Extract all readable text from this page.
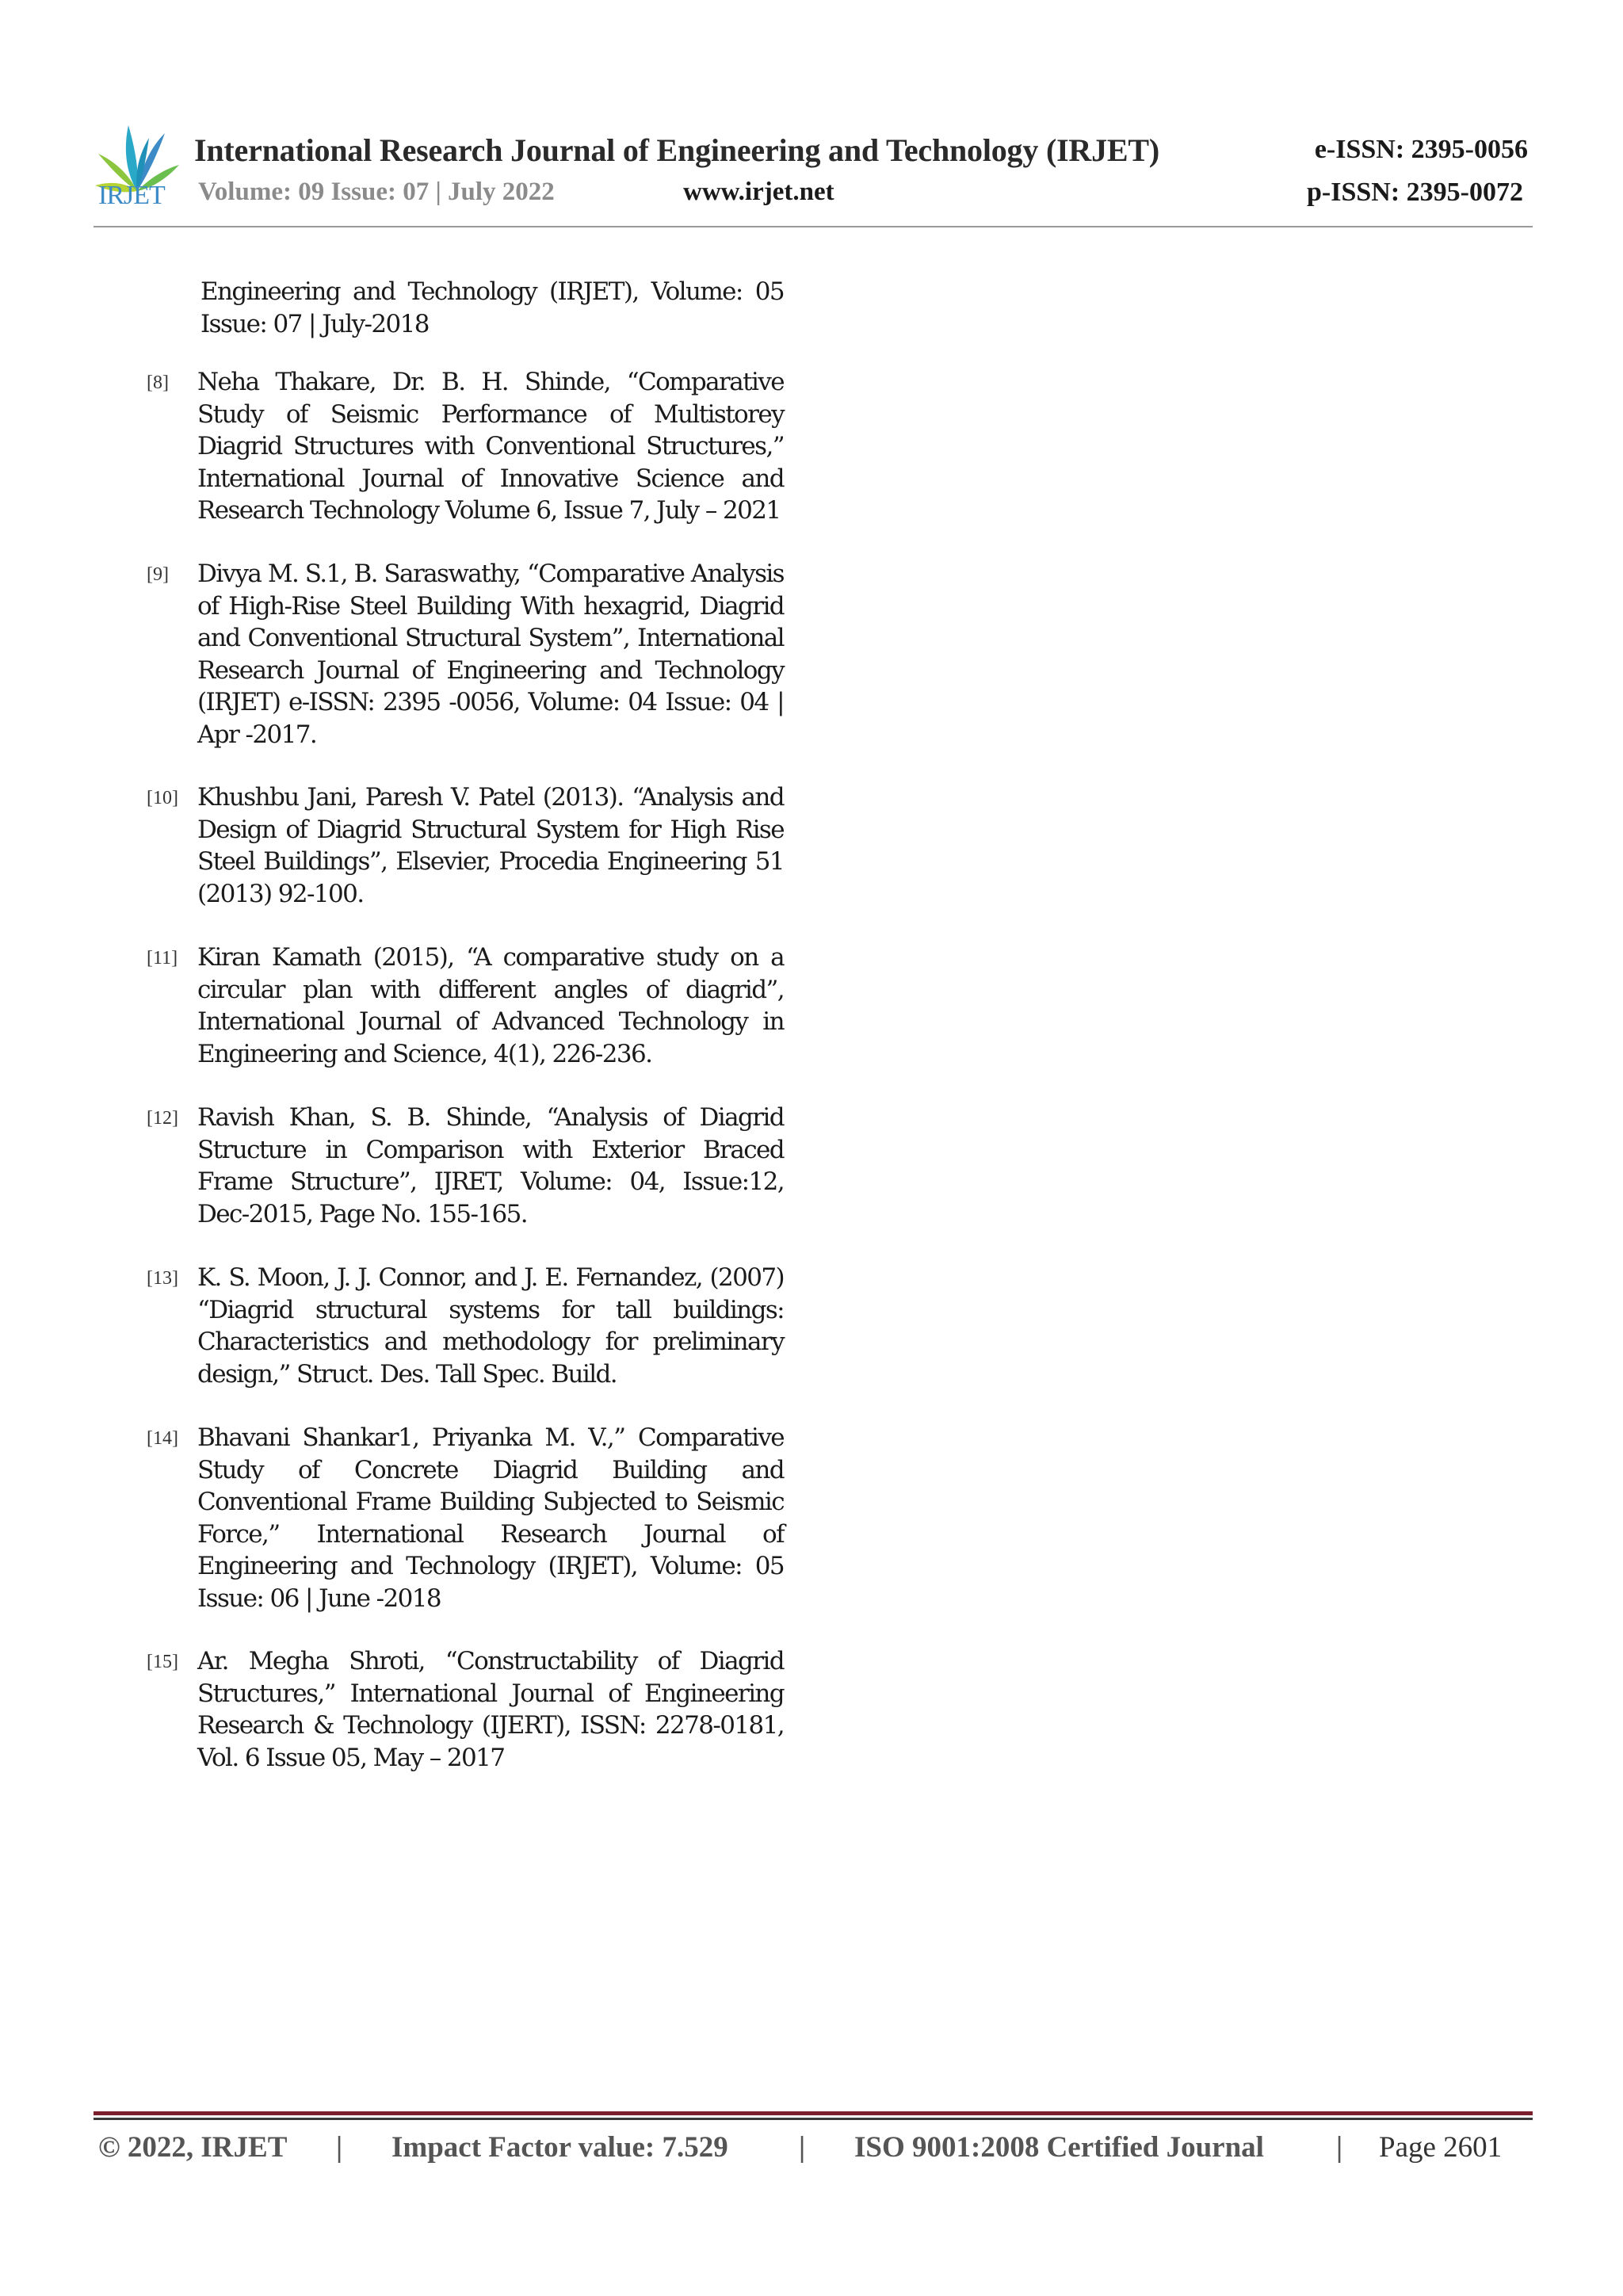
IRJET
International Research Journal of Engineering and Technology (IRJET)	e-ISSN: 2395-0056
Volume: 09 Issue: 07 | July 2022	www.irjet.net	p-ISSN: 2395-0072
Engineering and Technology (IRJET), Volume: 05 Issue: 07 | July-2018
[8] Neha Thakare, Dr. B. H. Shinde, “Comparative Study of Seismic Performance of Multistorey Diagrid Structures with Conventional Structures,” International Journal of Innovative Science and Research Technology Volume 6, Issue 7, July – 2021
[9] Divya M. S.1, B. Saraswathy, “Comparative Analysis of High-Rise Steel Building With hexagrid, Diagrid and Conventional Structural System”, International Research Journal of Engineering and Technology (IRJET) e-ISSN: 2395 -0056, Volume: 04 Issue: 04 | Apr -2017.
[10] Khushbu Jani, Paresh V. Patel (2013). “Analysis and Design of Diagrid Structural System for High Rise Steel Buildings”, Elsevier, Procedia Engineering 51 (2013) 92-100.
[11] Kiran Kamath (2015), “A comparative study on a circular plan with different angles of diagrid”, International Journal of Advanced Technology in Engineering and Science, 4(1), 226-236.
[12] Ravish Khan, S. B. Shinde, “Analysis of Diagrid Structure in Comparison with Exterior Braced Frame Structure”, IJRET, Volume: 04, Issue:12, Dec-2015, Page No. 155-165.
[13] K. S. Moon, J. J. Connor, and J. E. Fernandez, (2007) “Diagrid structural systems for tall buildings: Characteristics and methodology for preliminary design,” Struct. Des. Tall Spec. Build.
[14] Bhavani Shankar1, Priyanka M. V.,” Comparative Study of Concrete Diagrid Building and Conventional Frame Building Subjected to Seismic Force,” International Research Journal of Engineering and Technology (IRJET), Volume: 05 Issue: 06 | June -2018
[15] Ar. Megha Shroti, “Constructability of Diagrid Structures,” International Journal of Engineering Research & Technology (IJERT), ISSN: 2278-0181, Vol. 6 Issue 05, May – 2017
© 2022, IRJET | Impact Factor value: 7.529 | ISO 9001:2008 Certified Journal | Page 2601
